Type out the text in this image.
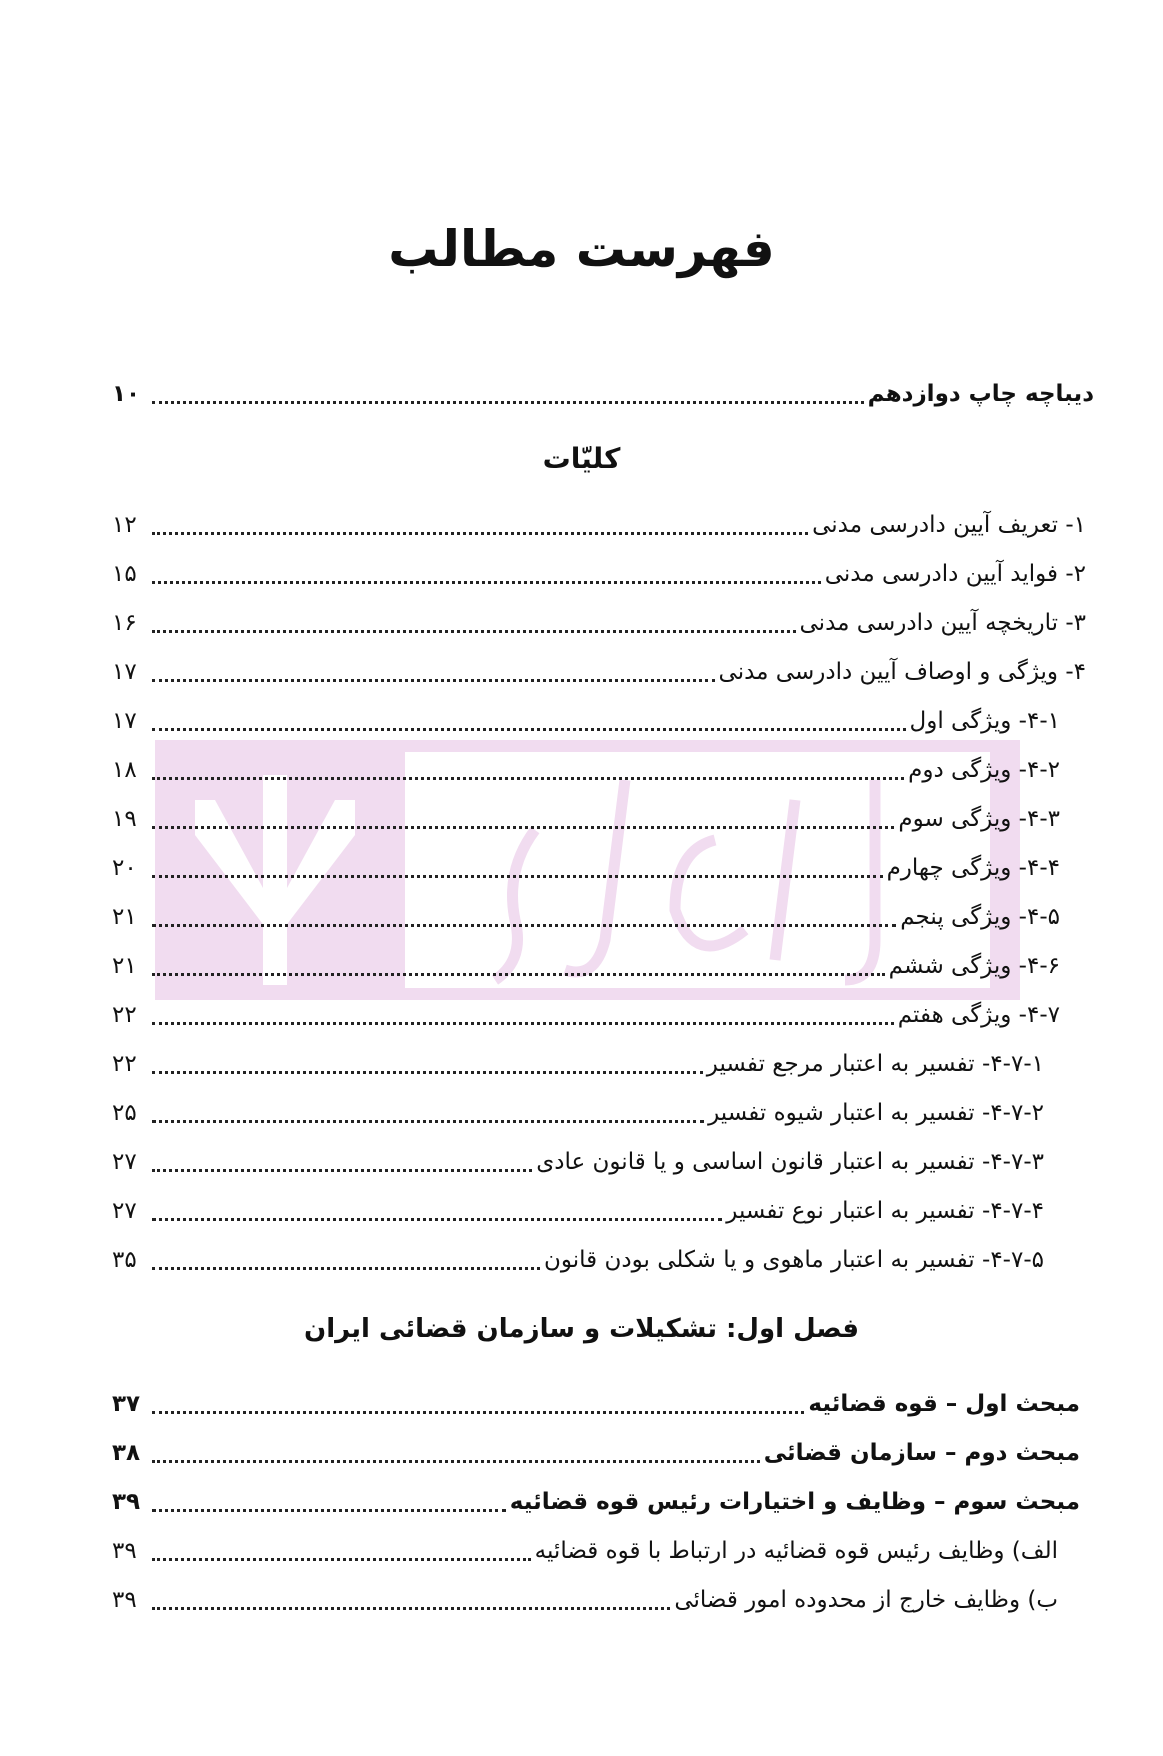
فهرست مطالب
دیباچه چاپ دوازدهم
۱۰
کلیّات
۱- تعریف آیین دادرسی مدنی
۱۲
۲- فواید آیین دادرسی مدنی
۱۵
۳- تاریخچه آیین دادرسی مدنی
۱۶
۴- ویژگی و اوصاف آیین دادرسی مدنی
۱۷
۴-۱- ویژگی اول
۱۷
۴-۲- ویژگی دوم
۱۸
۴-۳- ویژگی سوم
۱۹
۴-۴- ویژگی چهارم
۲۰
۴-۵- ویژگی پنجم
۲۱
۴-۶- ویژگی ششم
۲۱
۴-۷- ویژگی هفتم
۲۲
۴-۷-۱- تفسیر به اعتبار مرجع تفسیر
۲۲
۴-۷-۲- تفسیر به اعتبار شیوه تفسیر
۲۵
۴-۷-۳- تفسیر به اعتبار قانون اساسی و یا قانون عادی
۲۷
۴-۷-۴- تفسیر به اعتبار نوع تفسیر
۲۷
۴-۷-۵- تفسیر به اعتبار ماهوی و یا شکلی بودن قانون
۳۵
فصل اول: تشکیلات و سازمان قضائی ایران
مبحث اول – قوه قضائیه
۳۷
مبحث دوم – سازمان قضائی
۳۸
مبحث سوم – وظایف و اختیارات رئیس قوه قضائیه
۳۹
الف) وظایف رئیس قوه قضائیه در ارتباط با قوه قضائیه
۳۹
ب) وظایف خارج از محدوده امور قضائی
۳۹
